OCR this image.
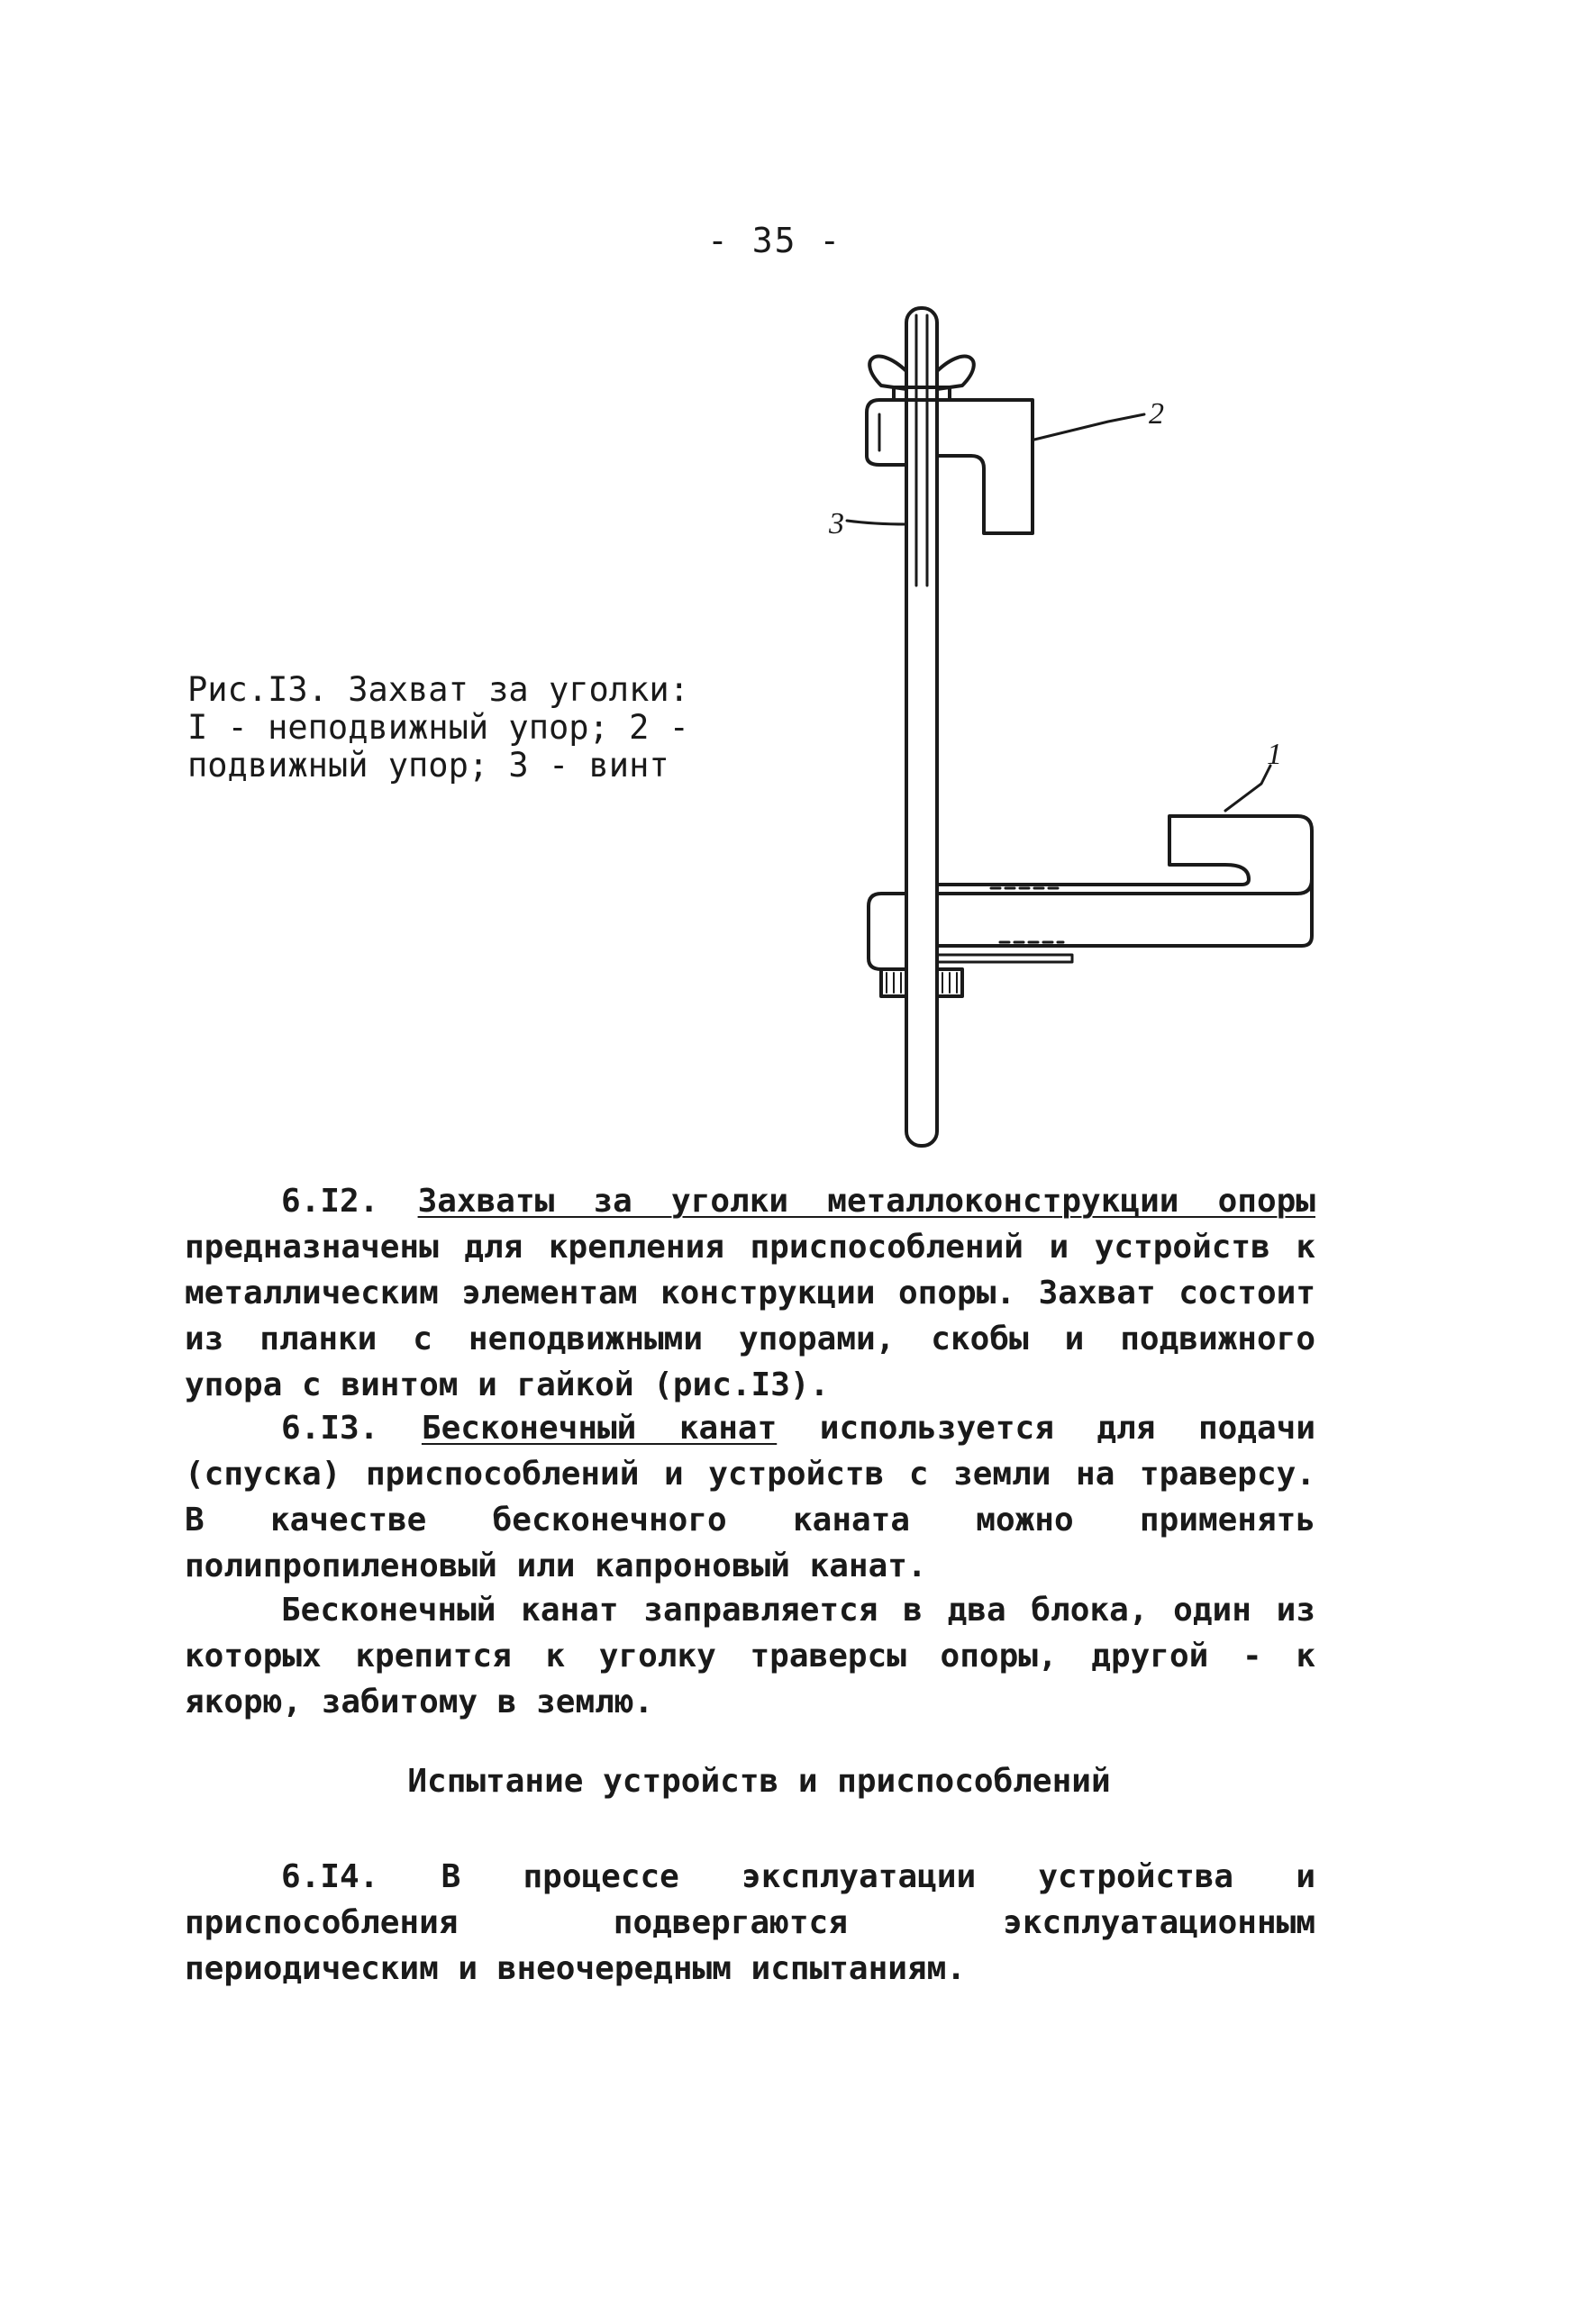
- 35 -
Рис.I3. Захват за уголки:
I - неподвижный упор; 2 -
подвижный упор; 3 - винт
2
3
1
6.I2. Захваты за уголки металлоконструкции опоры предназначены для крепления приспособлений и устройств к металлическим элементам конструкции опоры. Захват состоит из планки с неподвижными упорами, скобы и подвижного упора с винтом и гайкой (рис.I3).
6.I3. Бесконечный канат используется для подачи (спуска) приспособлений и устройств с земли на траверсу. В качестве бесконечного каната можно применять полипропиленовый или капроновый канат.
Бесконечный канат заправляется в два блока, один из которых крепится к уголку траверсы опоры, другой - к якорю, забитому в землю.
Испытание устройств и приспособлений
6.I4. В процессе эксплуатации устройства и приспособления подвергаются эксплуатационным периодическим и внеочередным испытаниям.
